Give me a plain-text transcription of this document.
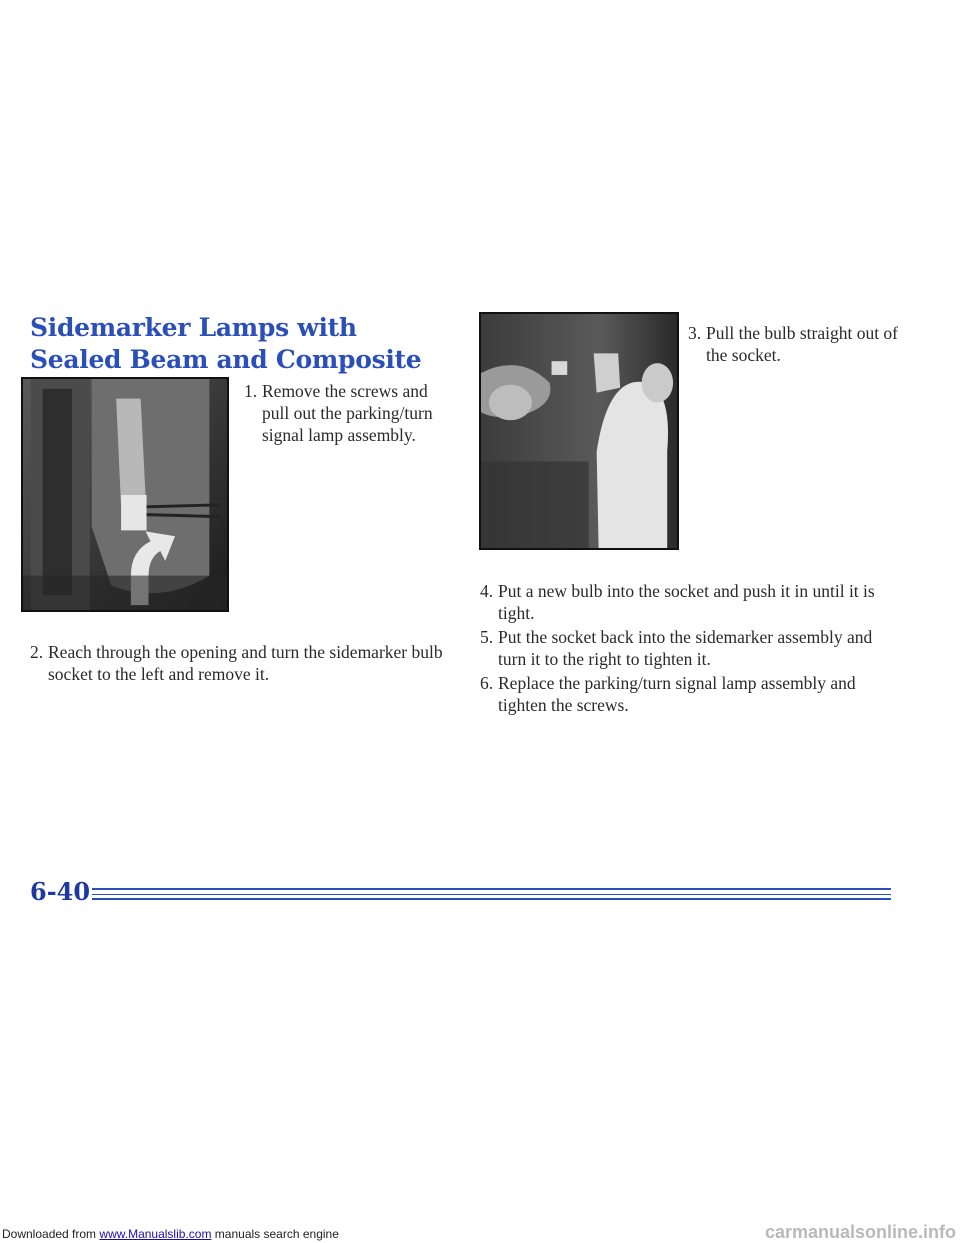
Sidemarker Lamps with Sealed Beam and Composite
1. Remove the screws and pull out the parking/turn signal lamp assembly.
2. Reach through the opening and turn the sidemarker bulb socket to the left and remove it.
3. Pull the bulb straight out of the socket.
4. Put a new bulb into the socket and push it in until it is tight.
5. Put the socket back into the sidemarker assembly and turn it to the right to tighten it.
6. Replace the parking/turn signal lamp assembly and tighten the screws.
6-40
Downloaded from www.Manualslib.com manuals search engine	carmanualsonline.info
